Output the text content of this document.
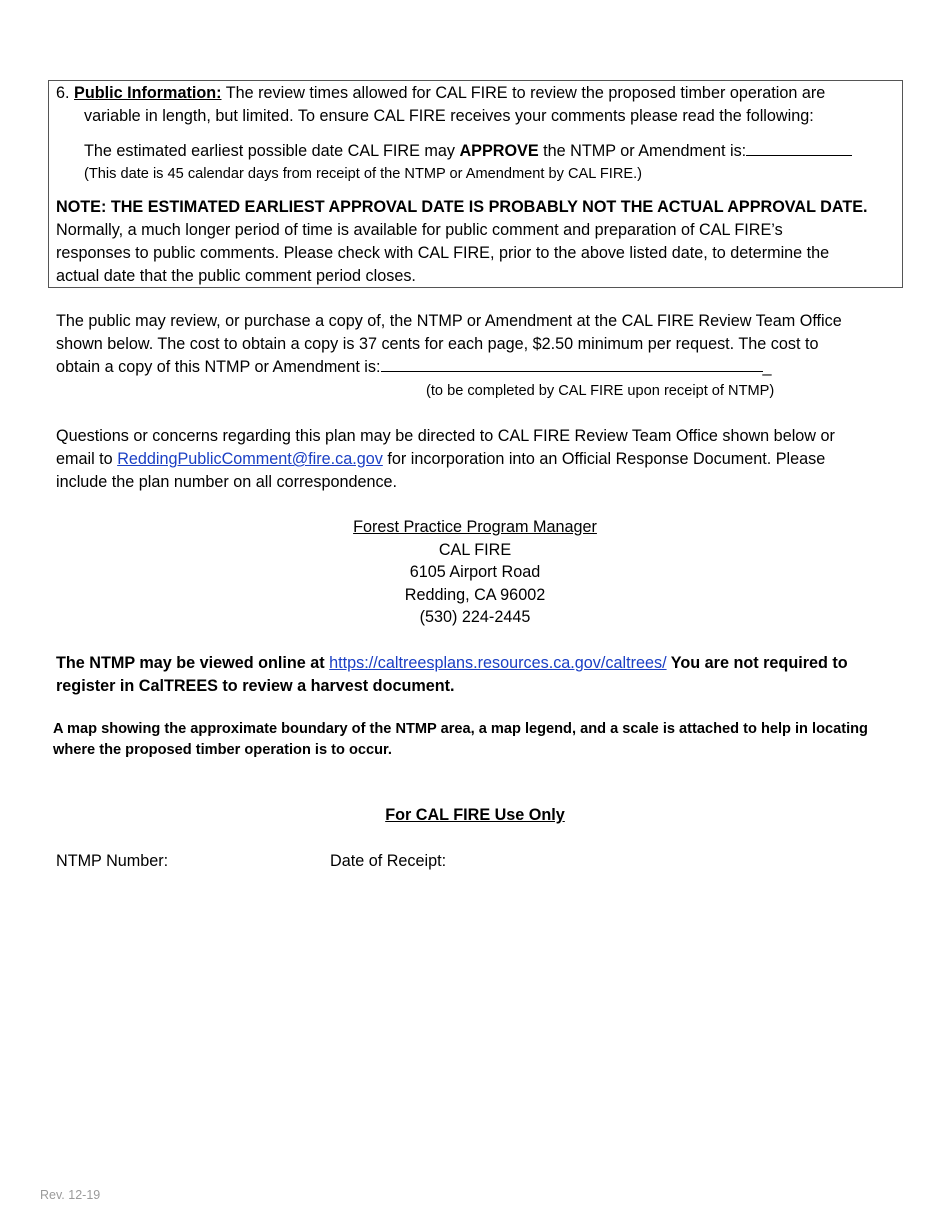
6. Public Information: The review times allowed for CAL FIRE to review the proposed timber operation are
variable in length, but limited. To ensure CAL FIRE receives your comments please read the following:
The estimated earliest possible date CAL FIRE may APPROVE the NTMP or Amendment is:
(This date is 45 calendar days from receipt of the NTMP or Amendment by CAL FIRE.)
NOTE: THE ESTIMATED EARLIEST APPROVAL DATE IS PROBABLY NOT THE ACTUAL APPROVAL DATE.
Normally, a much longer period of time is available for public comment and preparation of CAL FIRE’s
responses to public comments. Please check with CAL FIRE, prior to the above listed date, to determine the
actual date that the public comment period closes.
The public may review, or purchase a copy of, the NTMP or Amendment at the CAL FIRE Review Team Office
shown below. The cost to obtain a copy is 37 cents for each page, $2.50 minimum per request. The cost to
obtain a copy of this NTMP or Amendment is:	_
(to be completed by CAL FIRE upon receipt of NTMP)
Questions or concerns regarding this plan may be directed to CAL FIRE Review Team Office shown below or
email to ReddingPublicComment@fire.ca.gov for incorporation into an Official Response Document. Please
include the plan number on all correspondence.
Forest Practice Program Manager
CAL FIRE
6105 Airport Road
Redding, CA 96002
(530) 224-2445
The NTMP may be viewed online at https://caltreesplans.resources.ca.gov/caltrees/ You are not required to
register in CalTREES to review a harvest document.
A map showing the approximate boundary of the NTMP area, a map legend, and a scale is attached to help in locating
where the proposed timber operation is to occur.
For CAL FIRE Use Only
NTMP Number:	Date of Receipt:
Rev. 12-19
